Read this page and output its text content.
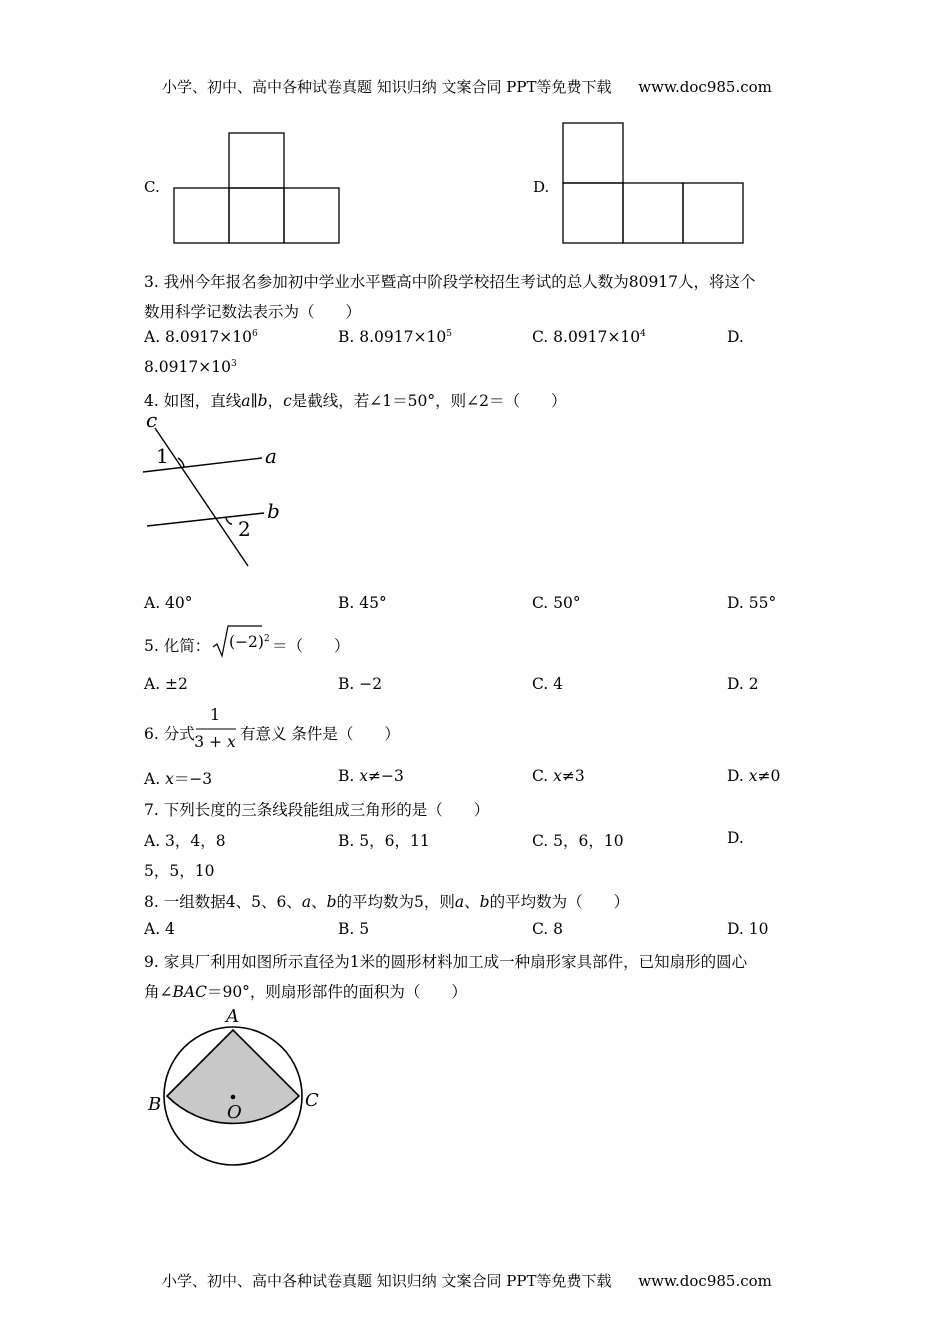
小学、初中、高中各种试卷真题 知识归纳 文案合同 PPT等免费下载 www.doc985.com
C.	D.
3. 我州今年报名参加初中学业水平暨高中阶段学校招生考试的总人数为80917人，将这个
数用科学记数法表示为（　　）
A. $8.0917\times 10^6$	B. $8.0917\times 10^5$	C. $8.0917\times 10^4$	D.
$8.0917\times 10^3$
4. 如图，直线a∥b，c是截线，若∠1＝50°，则∠2＝（　　）
c
1	a
b
2
A. 40°	B. 45°	C. 50°	D. 55°
5. 化简： $(-2)^2$ ＝（　　）
A. ±2	B. −2	C. 4	D. 2
6. 分式
1
3 + x 有意义 条件是（　　）
A. x＝−3	B. x≠−3	C. x≠3	D. x≠0
7. 下列长度的三条线段能组成三角形的是（　　）
A. 3，4，8	B. 5，6，11	C. 5，6，10	D.
5，5，10
8. 一组数据4、5、6、a、b的平均数为5，则a、b的平均数为（　　）
A. 4	B. 5	C. 8	D. 10
9. 家具厂利用如图所示直径为1米的圆形材料加工成一种扇形家具部件，已知扇形的圆心
角∠BAC＝90°，则扇形部件的面积为（　　）
A
B	C
O
小学、初中、高中各种试卷真题 知识归纳 文案合同 PPT等免费下载 www.doc985.com
